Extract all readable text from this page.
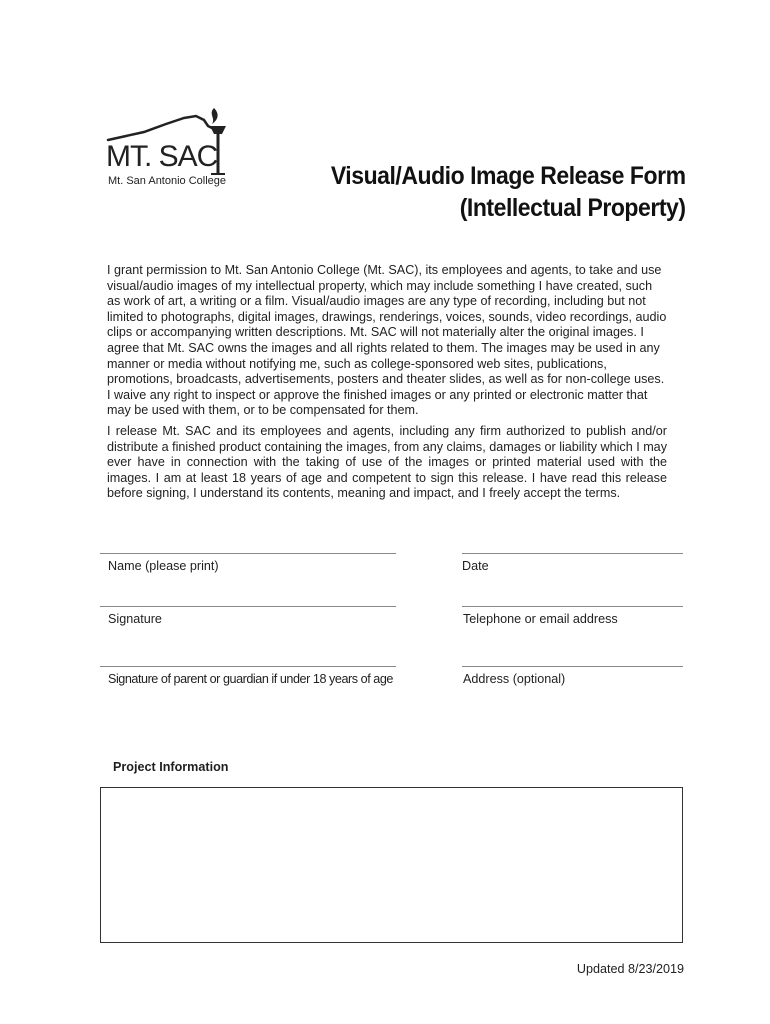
MT. SAC
Mt. San Antonio College	Visual/Audio Image Release Form
(Intellectual Property)

I grant permission to Mt. San Antonio College (Mt. SAC), its employees and agents, to take and use visual/audio images of my intellectual property, which may include something I have created, such as work of art, a writing or a film. Visual/audio images are any type of recording, including but not limited to photographs, digital images, drawings, renderings, voices, sounds, video recordings, audio clips or accompanying written descriptions. Mt. SAC will not materially alter the original images. I agree that Mt. SAC owns the images and all rights related to them. The images may be used in any manner or media without notifying me, such as college-sponsored web sites, publications, promotions, broadcasts, advertisements, posters and theater slides, as well as for non-college uses. I waive any right to inspect or approve the finished images or any printed or electronic matter that may be used with them, or to be compensated for them.

I release Mt. SAC and its employees and agents, including any firm authorized to publish and/or distribute a finished product containing the images, from any claims, damages or liability which I may ever have in connection with the taking of use of the images or printed material used with the images. I am at least 18 years of age and competent to sign this release. I have read this release before signing, I understand its contents, meaning and impact, and I freely accept the terms.

Name (please print)	Date
Signature	Telephone or email address
Signature of parent or guardian if under 18 years of age	Address (optional)
Project Information
Updated 8/23/2019
